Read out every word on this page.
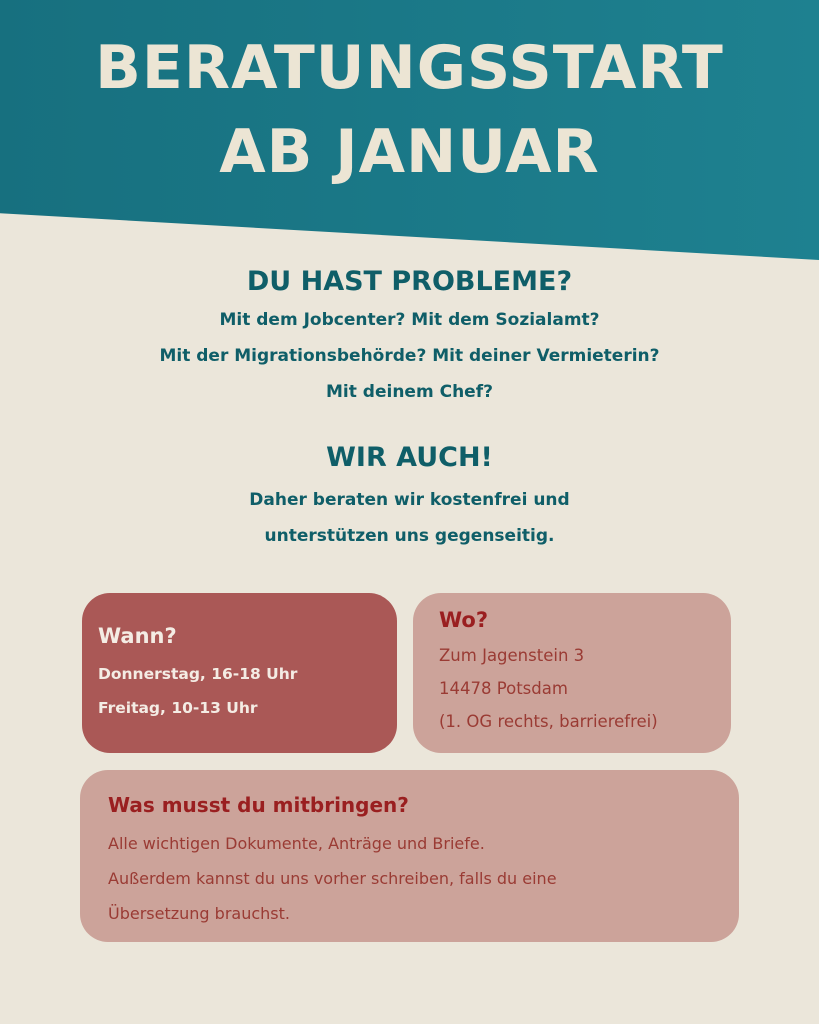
BERATUNGSSTART
AB JANUAR

DU HAST PROBLEME?

Mit dem Jobcenter? Mit dem Sozialamt?

Mit der Migrationsbehörde? Mit deiner Vermieterin?

Mit deinem Chef?

WIR AUCH!

Daher beraten wir kostenfrei und

unterstützen uns gegenseitig.

Wann?

Donnerstag, 16-18 Uhr

Freitag, 10-13 Uhr

Wo?

Zum Jagenstein 3

14478 Potsdam

(1. OG rechts, barrierefrei)

Was musst du mitbringen?

Alle wichtigen Dokumente, Anträge und Briefe.

Außerdem kannst du uns vorher schreiben, falls du eine

Übersetzung brauchst.
